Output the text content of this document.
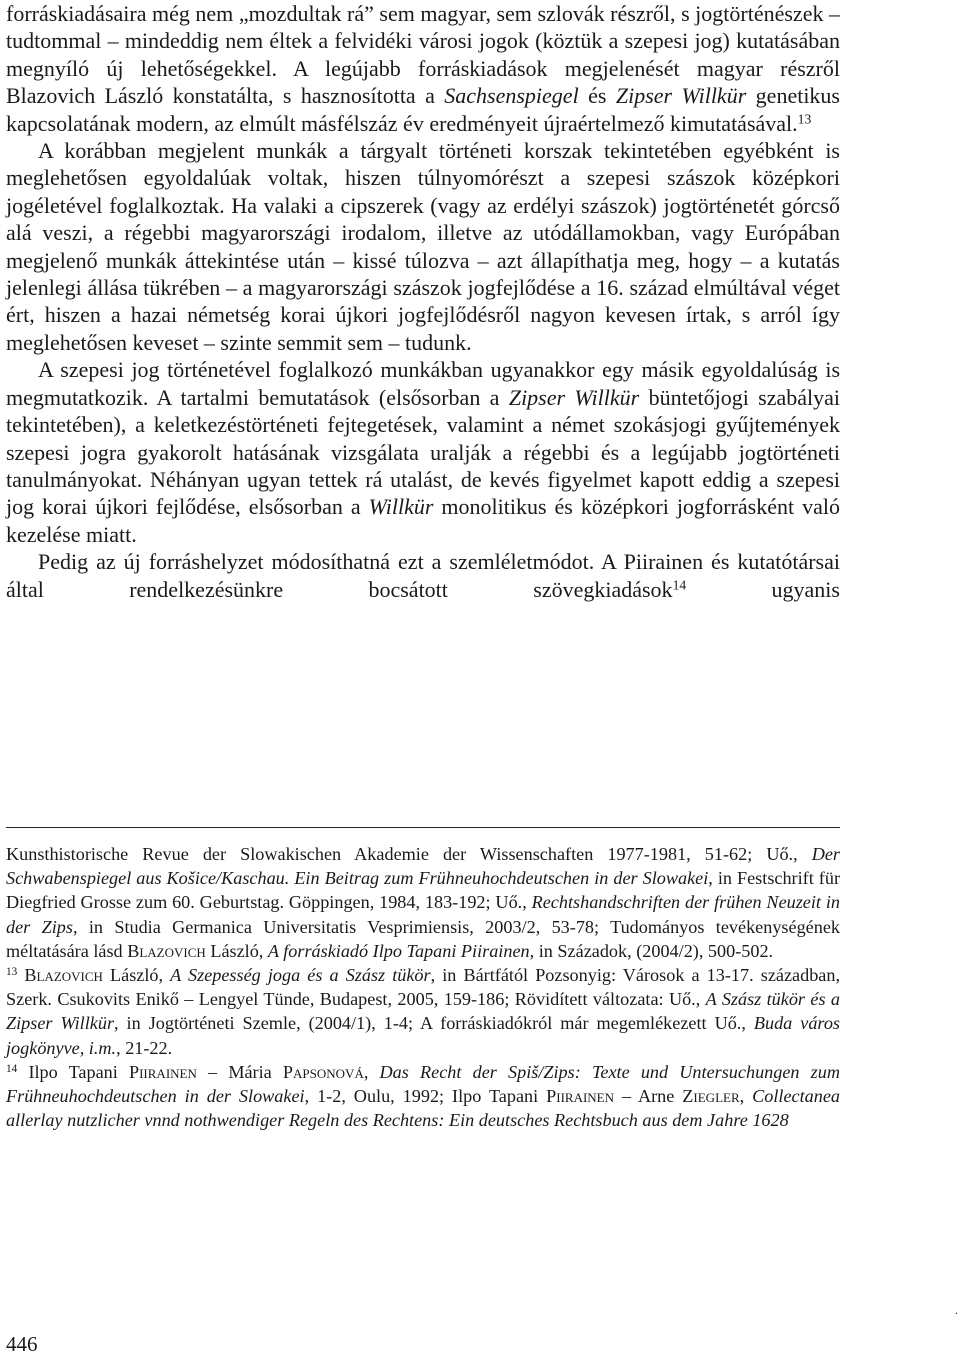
forráskiadásaira még nem „mozdultak rá” sem magyar, sem szlovák részről, s jogtörténészek – tudtommal – mindeddig nem éltek a felvidéki városi jogok (köztük a szepesi jog) kutatásában megnyíló új lehetőségekkel. A legújabb forráskiadások megjelenését magyar részről Blazovich László konstatálta, s hasznosította a Sachsenspiegel és Zipser Willkür genetikus kapcsolatának modern, az elmúlt másfélszáz év eredményeit újraértelmező kimutatásával.$^{13}$

A korábban megjelent munkák a tárgyalt történeti korszak tekintetében egyébként is meglehetősen egyoldalúak voltak, hiszen túlnyomórészt a szepesi szászok középkori jogéletével foglalkoztak. Ha valaki a cipszerek (vagy az erdélyi szászok) jogtörténetét górcső alá veszi, a régebbi magyarországi irodalom, illetve az utódállamokban, vagy Európában megjelenő munkák áttekintése után – kissé túlozva – azt állapíthatja meg, hogy – a kutatás jelenlegi állása tükrében – a magyarországi szászok jogfejlődése a 16. század elmúltával véget ért, hiszen a hazai németség korai újkori jogfejlődésről nagyon kevesen írtak, s arról így meglehetősen keveset – szinte semmit sem – tudunk.

A szepesi jog történetével foglalkozó munkákban ugyanakkor egy másik egyoldalúság is megmutatkozik. A tartalmi bemutatások (elsősorban a Zipser Willkür büntetőjogi szabályai tekintetében), a keletkezéstörténeti fejtegetések, valamint a német szokásjogi gyűjtemények szepesi jogra gyakorolt hatásának vizsgálata uralják a régebbi és a legújabb jogtörténeti tanulmányokat. Néhányan ugyan tettek rá utalást, de kevés figyelmet kapott eddig a szepesi jog korai újkori fejlődése, elsősorban a Willkür monolitikus és középkori jogforrásként való kezelése miatt.

Pedig az új forráshelyzet módosíthatná ezt a szemléletmódot. A Piirainen és kutatótársai által rendelkezésünkre bocsátott szövegkiadások$^{14}$ ugyanis

Kunsthistorische Revue der Slowakischen Akademie der Wissenschaften 1977-1981, 51-62; Uő., Der Schwabenspiegel aus Košice/Kaschau. Ein Beitrag zum Frühneuhochdeutschen in der Slowakei, in Festschrift für Diegfried Grosse zum 60. Geburtstag. Göppingen, 1984, 183-192; Uő., Rechtshandschriften der frühen Neuzeit in der Zips, in Studia Germanica Universitatis Vesprimiensis, 2003/2, 53-78; Tudományos tevékenységének méltatására lásd Blazovich László, A forráskiadó Ilpo Tapani Piirainen, in Századok, (2004/2), 500-502.

$^{13}$ Blazovich László, A Szepesség joga és a Szász tükör, in Bártfától Pozsonyig: Városok a 13-17. században, Szerk. Csukovits Enikő – Lengyel Tünde, Budapest, 2005, 159-186; Rövidített változata: Uő., A Szász tükör és a Zipser Willkür, in Jogtörténeti Szemle, (2004/1), 1-4; A forráskiadókról már megemlékezett Uő., Buda város jogkönyve, i.m., 21-22.

$^{14}$ Ilpo Tapani Piirainen – Mária Papsonová, Das Recht der Spiš/Zips: Texte und Untersuchungen zum Frühneuhochdeutschen in der Slowakei, 1-2, Oulu, 1992; Ilpo Tapani Piirainen – Arne Ziegler, Collectanea allerlay nutzlicher vnnd nothwendiger Regeln des Rechtens: Ein deutsches Rechtsbuch aus dem Jahre 1628

446
.
